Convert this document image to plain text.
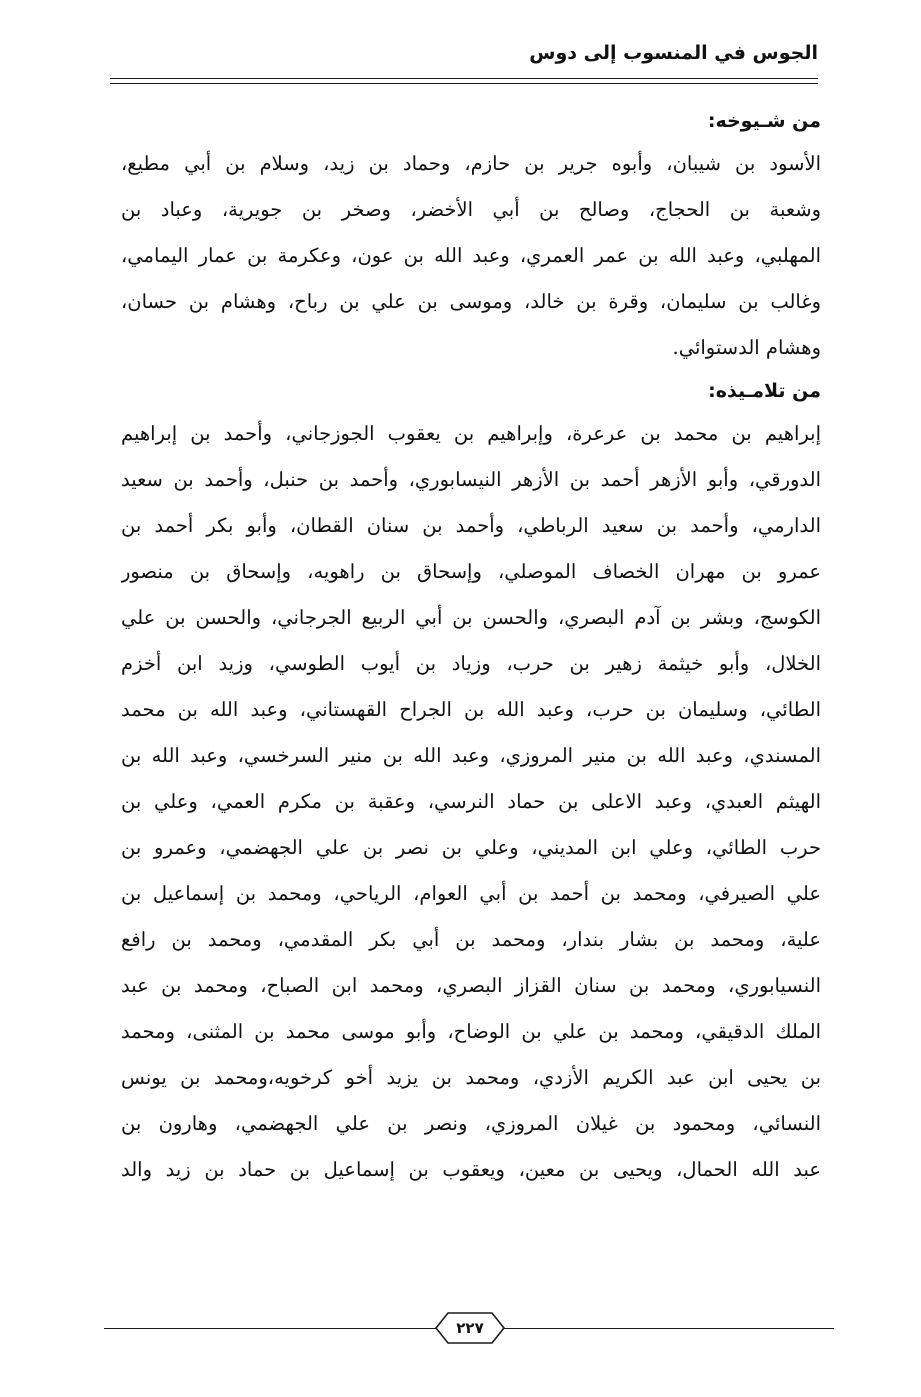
الجوس في المنسوب إلى دوس
من شـيوخه:
الأسود بن شيبان، وأبوه جرير بن حازم، وحماد بن زيد، وسلام بن أبي مطيع،
وشعبة بن الحجاج، وصالح بن أبي الأخضر، وصخر بن جويرية، وعباد بن
المهلبي، وعبد الله بن عمر العمري، وعبد الله بن عون، وعكرمة بن عمار اليمامي،
وغالب بن سليمان، وقرة بن خالد، وموسى بن علي بن رباح، وهشام بن حسان،
وهشام الدستوائي.
من تلامـيذه:
إبراهيم بن محمد بن عرعرة، وإبراهيم بن يعقوب الجوزجاني، وأحمد بن إبراهيم
الدورقي، وأبو الأزهر أحمد بن الأزهر النيسابوري، وأحمد بن حنبل، وأحمد بن سعيد
الدارمي، وأحمد بن سعيد الرباطي، وأحمد بن سنان القطان، وأبو بكر أحمد بن
عمرو بن مهران الخصاف الموصلي، وإسحاق بن راهويه، وإسحاق بن منصور
الكوسج، وبشر بن آدم البصري، والحسن بن أبي الربيع الجرجاني، والحسن بن علي
الخلال، وأبو خيثمة زهير بن حرب، وزياد بن أيوب الطوسي، وزيد ابن أخزم
الطائي، وسليمان بن حرب، وعبد الله بن الجراح القهستاني، وعبد الله بن محمد
المسندي، وعبد الله بن منير المروزي، وعبد الله بن منير السرخسي، وعبد الله بن
الهيثم العبدي، وعبد الاعلى بن حماد النرسي، وعقبة بن مكرم العمي، وعلي بن
حرب الطائي، وعلي ابن المديني، وعلي بن نصر بن علي الجهضمي، وعمرو بن
علي الصيرفي، ومحمد بن أحمد بن أبي العوام، الرياحي، ومحمد بن إسماعيل بن
علية، ومحمد بن بشار بندار، ومحمد بن أبي بكر المقدمي، ومحمد بن رافع
النسيابوري، ومحمد بن سنان القزاز البصري، ومحمد ابن الصباح، ومحمد بن عبد
الملك الدقيقي، ومحمد بن علي بن الوضاح، وأبو موسى محمد بن المثنى، ومحمد
بن يحيى ابن عبد الكريم الأزدي، ومحمد بن يزيد أخو كرخويه،ومحمد بن يونس
النسائي، ومحمود بن غيلان المروزي، ونصر بن علي الجهضمي، وهارون بن
عبد الله الحمال، ويحيى بن معين، ويعقوب بن إسماعيل بن حماد بن زيد والد
٢٢٧
